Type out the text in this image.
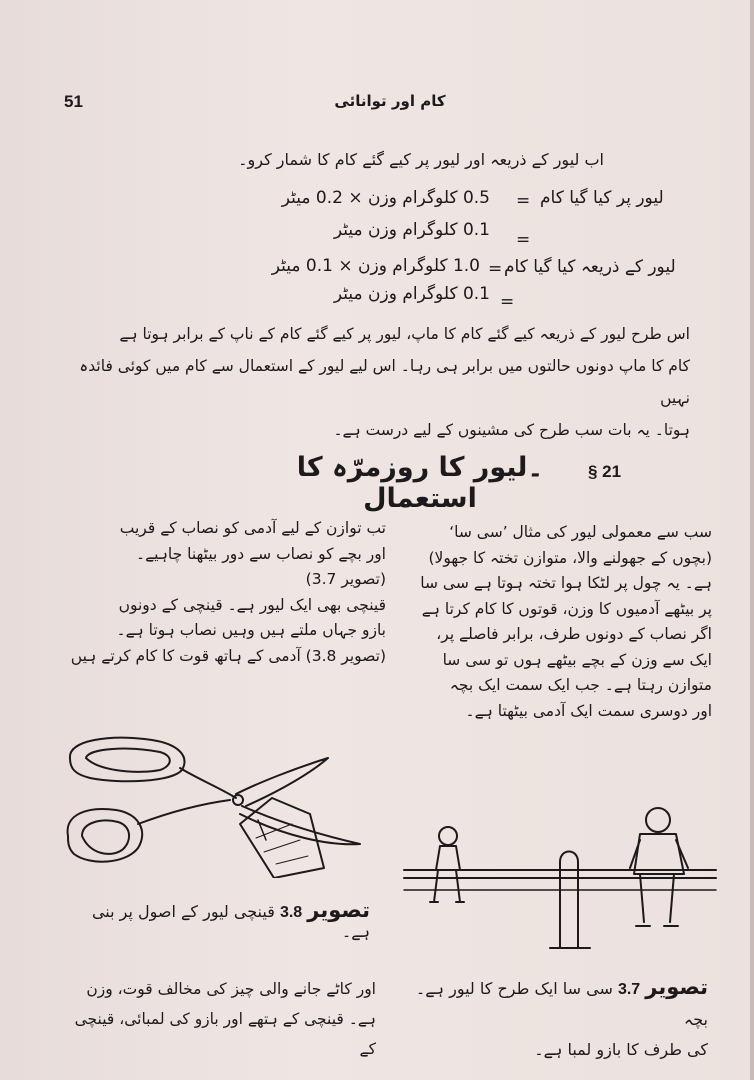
51	کام اور توانائی
اب لیور کے ذریعہ اور لیور پر کیے گئے کام کا شمار کرو۔
لیور پر کیا گیا کام
=
0.5 کلوگرام وزن × 0.2 میٹر
=
0.1 کلوگرام وزن میٹر
لیور کے ذریعہ کیا گیا کام
=
1.0 کلوگرام وزن × 0.1 میٹر
=
0.1 کلوگرام وزن میٹر
اس طرح لیور کے ذریعہ کیے گئے کام کا ماپ، لیور پر کیے گئے کام کے ناپ کے برابر ہوتا ہے
کام کا ماپ دونوں حالتوں میں برابر ہی رہا۔ اس لیے لیور کے استعمال سے کام میں کوئی فائدہ نہیں
ہوتا۔ یہ بات سب طرح کی مشینوں کے لیے درست ہے۔
§ 21
۔لیور کا روزمرّہ کا استعمال
سب سے معمولی لیور کی مثال ’سی سا‘
(بچوں کے جھولنے والا، متوازن تختہ کا جھولا)
ہے۔ یہ چول پر لٹکا ہوا تختہ ہوتا ہے سی سا
پر بیٹھے آدمیوں کا وزن، قوتوں کا کام کرتا ہے
اگر نصاب کے دونوں طرف، برابر فاصلے پر،
ایک سے وزن کے بچے بیٹھے ہوں تو سی سا
متوازن رہتا ہے۔ جب ایک سمت ایک بچہ
اور دوسری سمت ایک آدمی بیٹھتا ہے۔
تب توازن کے لیے آدمی کو نصاب کے قریب
اور بچے کو نصاب سے دور بیٹھنا چاہیے۔
(تصویر 3.7)
قینچی بھی ایک لیور ہے۔ قینچی کے دونوں
بازو جہاں ملتے ہیں وہیں نصاب ہوتا ہے۔
(تصویر 3.8) آدمی کے ہاتھ قوت کا کام کرتے ہیں
تصویر 3.8 قینچی لیور کے اصول پر بنی ہے۔
تصویر 3.7 سی سا ایک طرح کا لیور ہے۔ بچہ
کی طرف کا بازو لمبا ہے۔
اور کاٹے جانے والی چیز کی مخالف قوت، وزن
ہے۔ قینچی کے ہتھے اور بازو کی لمبائی، قینچی کے
